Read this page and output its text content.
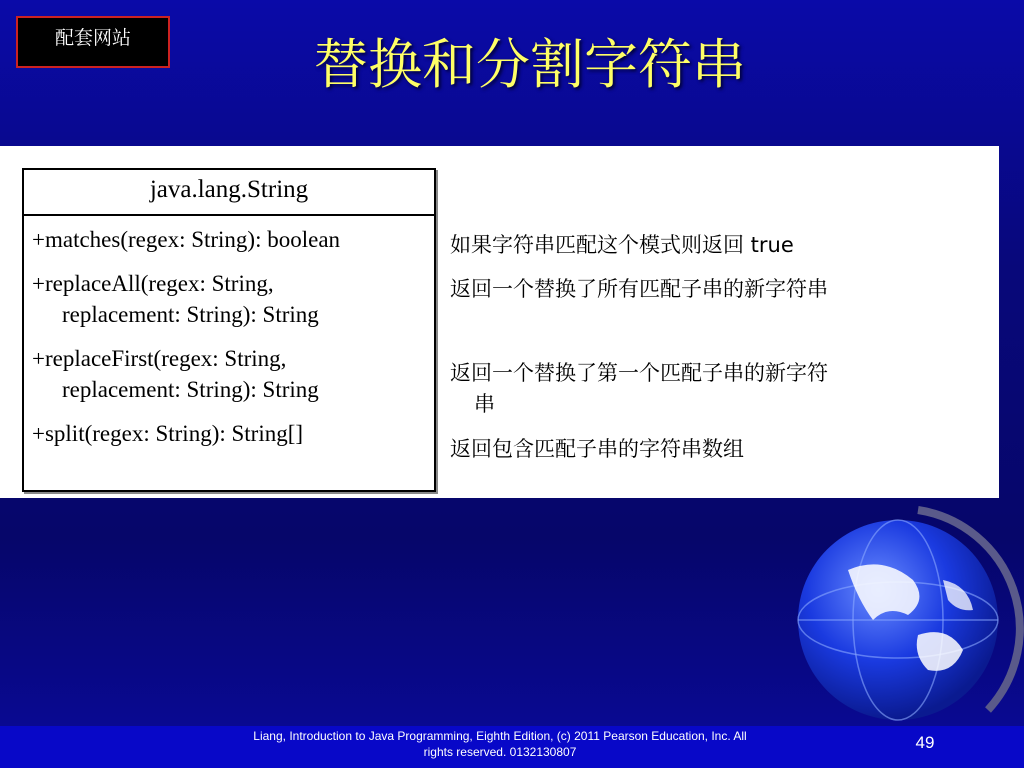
配套网站	替换和分割字符串
java.lang.String
+matches(regex: String): boolean
+replaceAll(regex: String,
replacement: String): String
+replaceFirst(regex: String,
replacement: String): String
+split(regex: String): String[]
如果字符串匹配这个模式则返回 true
返回一个替换了所有匹配子串的新字符串
返回一个替换了第一个匹配子串的新字符
串
返回包含匹配子串的字符串数组
Liang, Introduction to Java Programming, Eighth Edition, (c) 2011 Pearson Education, Inc. All
rights reserved. 0132130807	49
